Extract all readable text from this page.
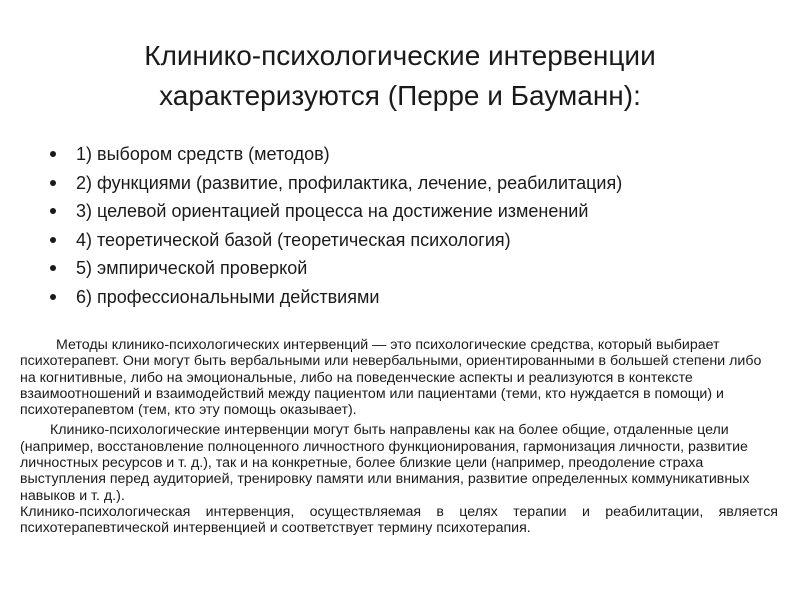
Клинико-психологические интервенции
характеризуются (Перре и Бауманн):
1) выбором средств (методов)
2) функциями (развитие, профилактика, лечение, реабилитация)
3) целевой ориентацией процесса на достижение изменений
4) теоретической базой (теоретическая психология)
5) эмпирической проверкой
6) профессиональными действиями

Методы клинико-психологических интервенций — это психологические средства, который выбирает психотерапевт. Они могут быть вербальными или невербальными, ориентированными в большей степени либо на когнитивные, либо на эмоциональные, либо на поведенческие аспекты и реализуются в контексте взаимоотношений и взаимодействий между пациентом или пациентами (теми, кто нуждается в помощи) и психотерапевтом (тем, кто эту помощь оказывает).

Клинико-психологические интервенции могут быть направлены как на более общие, отдаленные цели (например, восстановление полноценного личностного функционирования, гармонизация личности, развитие личностных ресурсов и т. д.), так и на конкретные, более близкие цели (например, преодоление страха выступления перед аудиторией, тренировку памяти или внимания, развитие определенных коммуникативных навыков и т. д.).

Клинико-психологическая интервенция, осуществляемая в целях терапии и реабилитации, является психотерапевтической интервенцией и соответствует термину психотерапия.
